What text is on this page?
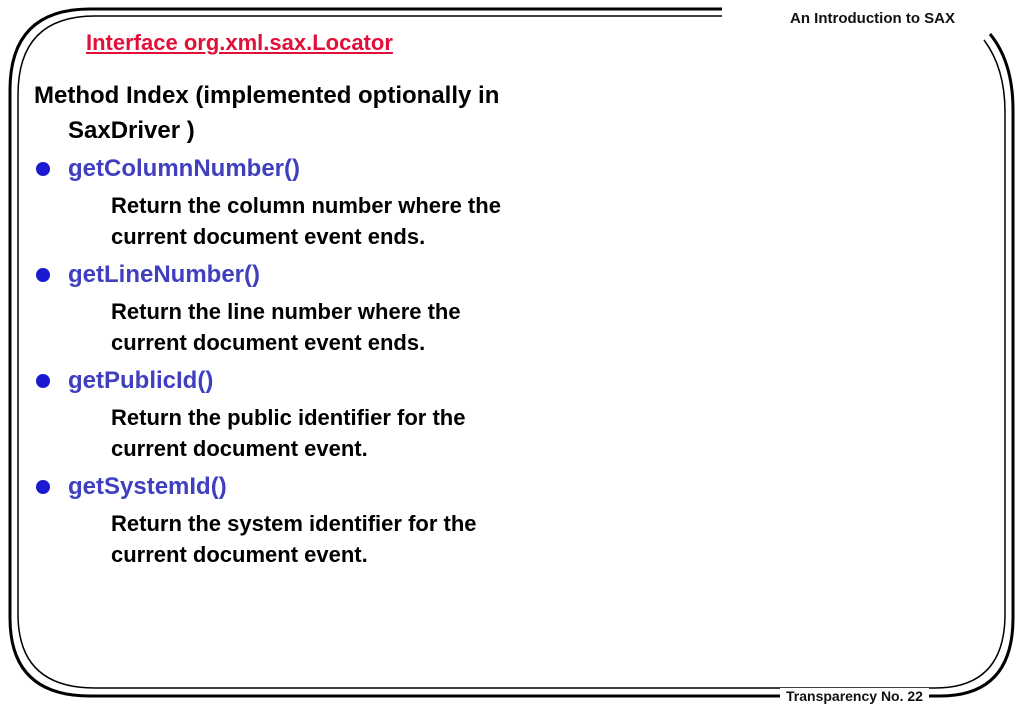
An Introduction to SAX
Transparency No. 22
Interface org.xml.sax.Locator

Method Index (implemented optionally in SaxDriver )

getColumnNumber()
Return the column number where the current document event ends.
getLineNumber()
Return the line number where the current document event ends.
getPublicId()
Return the public identifier for the current document event.
getSystemId()
Return the system identifier for the current document event.
